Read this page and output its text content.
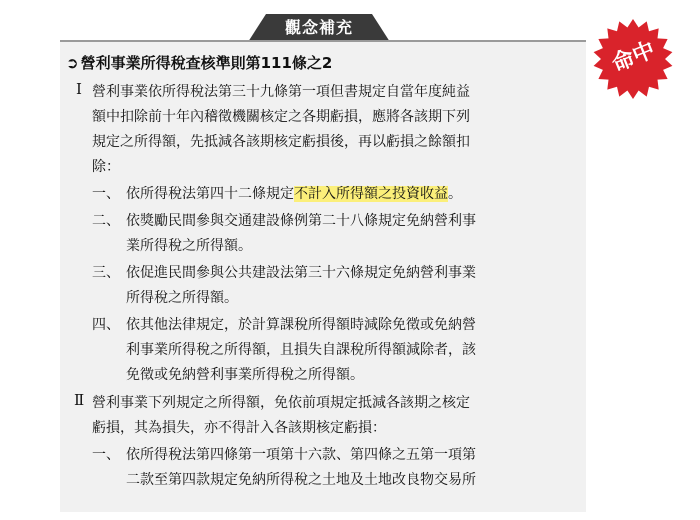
觀念補充
命中
➲ 營利事業所得稅查核準則第111條之2
Ⅰ 營利事業依所得稅法第三十九條第一項但書規定自當年度純益
額中扣除前十年內稽徵機關核定之各期虧損，應將各該期下列
規定之所得額，先抵減各該期核定虧損後，再以虧損之餘額扣
除：
一、 依所得稅法第四十二條規定不計入所得額之投資收益。
二、 依獎勵民間參與交通建設條例第二十八條規定免納營利事
業所得稅之所得額。
三、 依促進民間參與公共建設法第三十六條規定免納營利事業
所得稅之所得額。
四、 依其他法律規定，於計算課稅所得額時減除免徵或免納營
利事業所得稅之所得額，且損失自課稅所得額減除者，該
免徵或免納營利事業所得稅之所得額。
Ⅱ 營利事業下列規定之所得額，免依前項規定抵減各該期之核定
虧損，其為損失，亦不得計入各該期核定虧損：
一、 依所得稅法第四條第一項第十六款、第四條之五第一項第
二款至第四款規定免納所得稅之土地及土地改良物交易所
